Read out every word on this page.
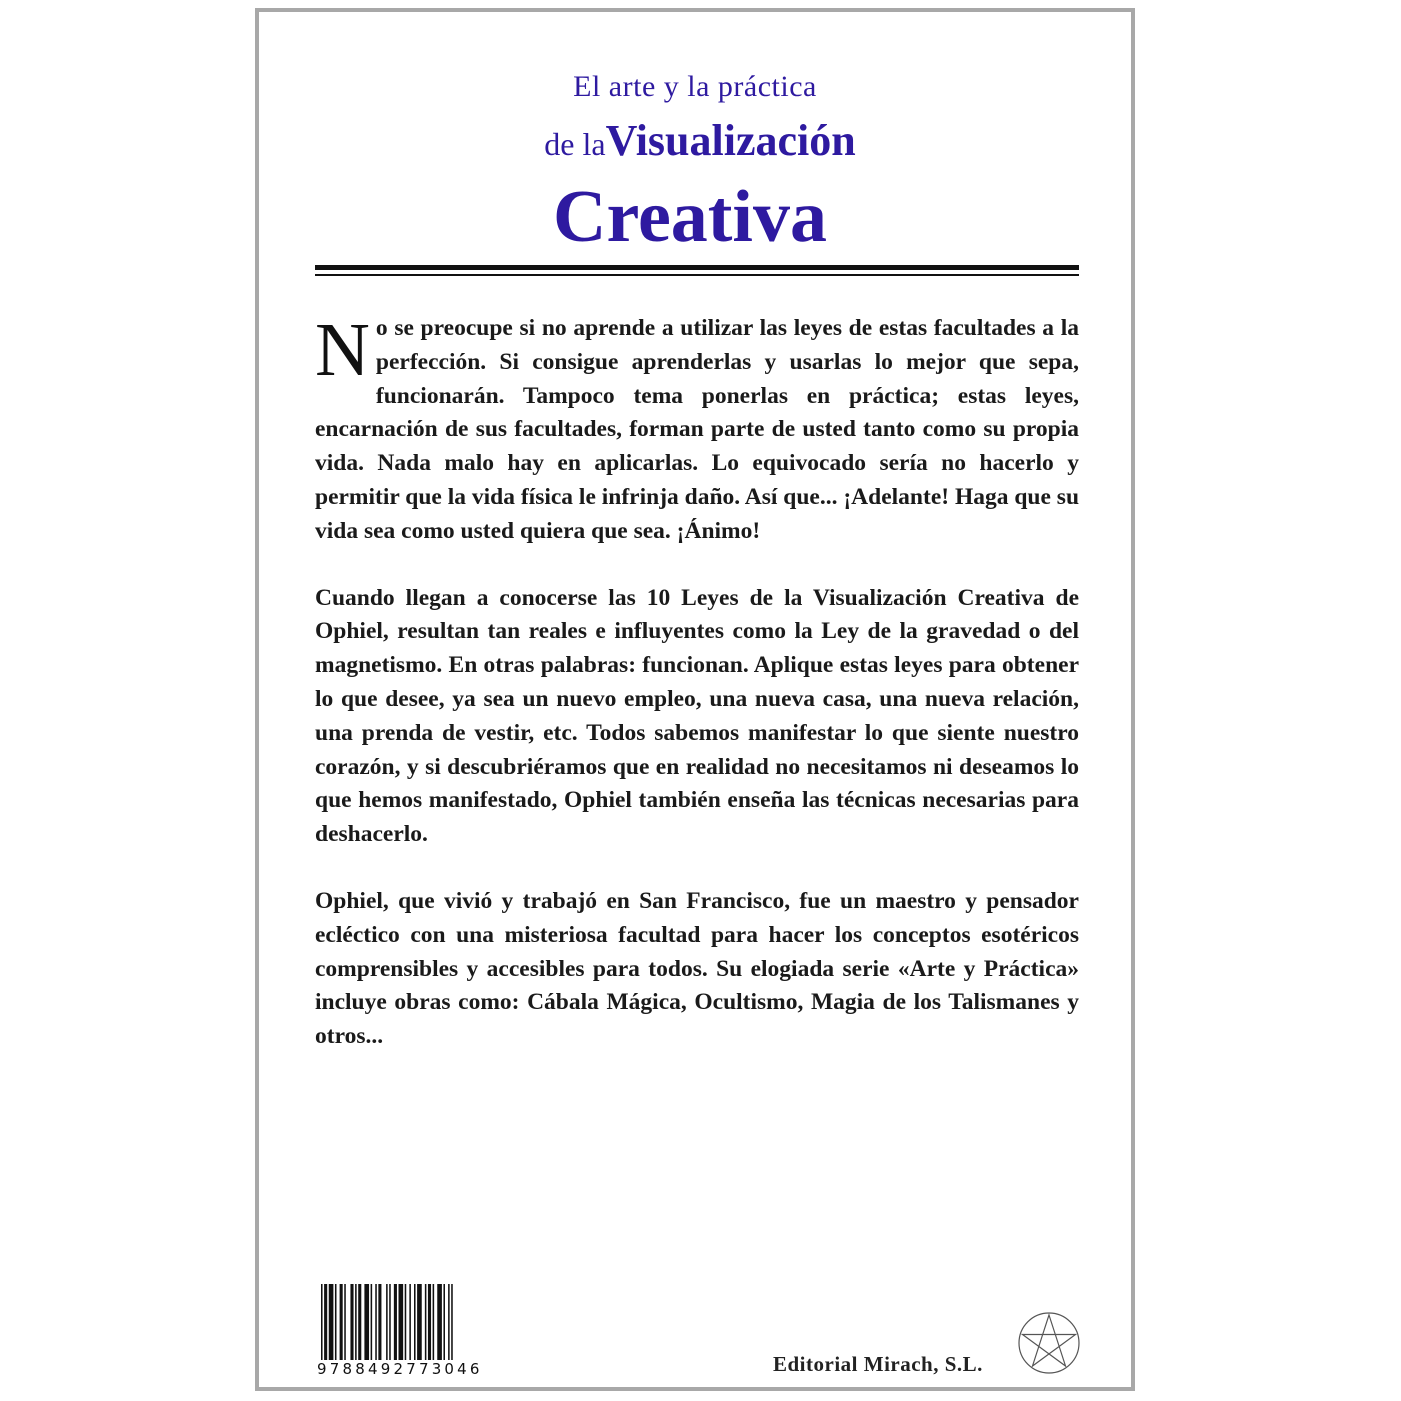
El arte y la práctica
de laVisualización
Creativa

No se preocupe si no aprende a utilizar las leyes de estas facultades a la perfección. Si consigue aprenderlas y usarlas lo mejor que sepa, funcionarán. Tampoco tema ponerlas en práctica; estas leyes, encarnación de sus facultades, forman parte de usted tanto como su propia vida. Nada malo hay en aplicarlas. Lo equivocado sería no hacerlo y permitir que la vida física le infrinja daño. Así que... ¡Adelante! Haga que su vida sea como usted quiera que sea. ¡Ánimo!

Cuando llegan a conocerse las 10 Leyes de la Visualización Creativa de Ophiel, resultan tan reales e influyentes como la Ley de la gravedad o del magnetismo. En otras palabras: funcionan. Aplique estas leyes para obtener lo que desee, ya sea un nuevo empleo, una nueva casa, una nueva relación, una prenda de vestir, etc. Todos sabemos manifestar lo que siente nuestro corazón, y si descubriéramos que en realidad no necesitamos ni deseamos lo que hemos manifestado, Ophiel también enseña las técnicas necesarias para deshacerlo.

Ophiel, que vivió y trabajó en San Francisco, fue un maestro y pensador ecléctico con una misteriosa facultad para hacer los conceptos esotéricos comprensibles y accesibles para todos. Su elogiada serie «Arte y Práctica» incluye obras como: Cábala Mágica, Ocultismo, Magia de los Talismanes y otros...

9788492773046	Editorial Mirach, S.L.
